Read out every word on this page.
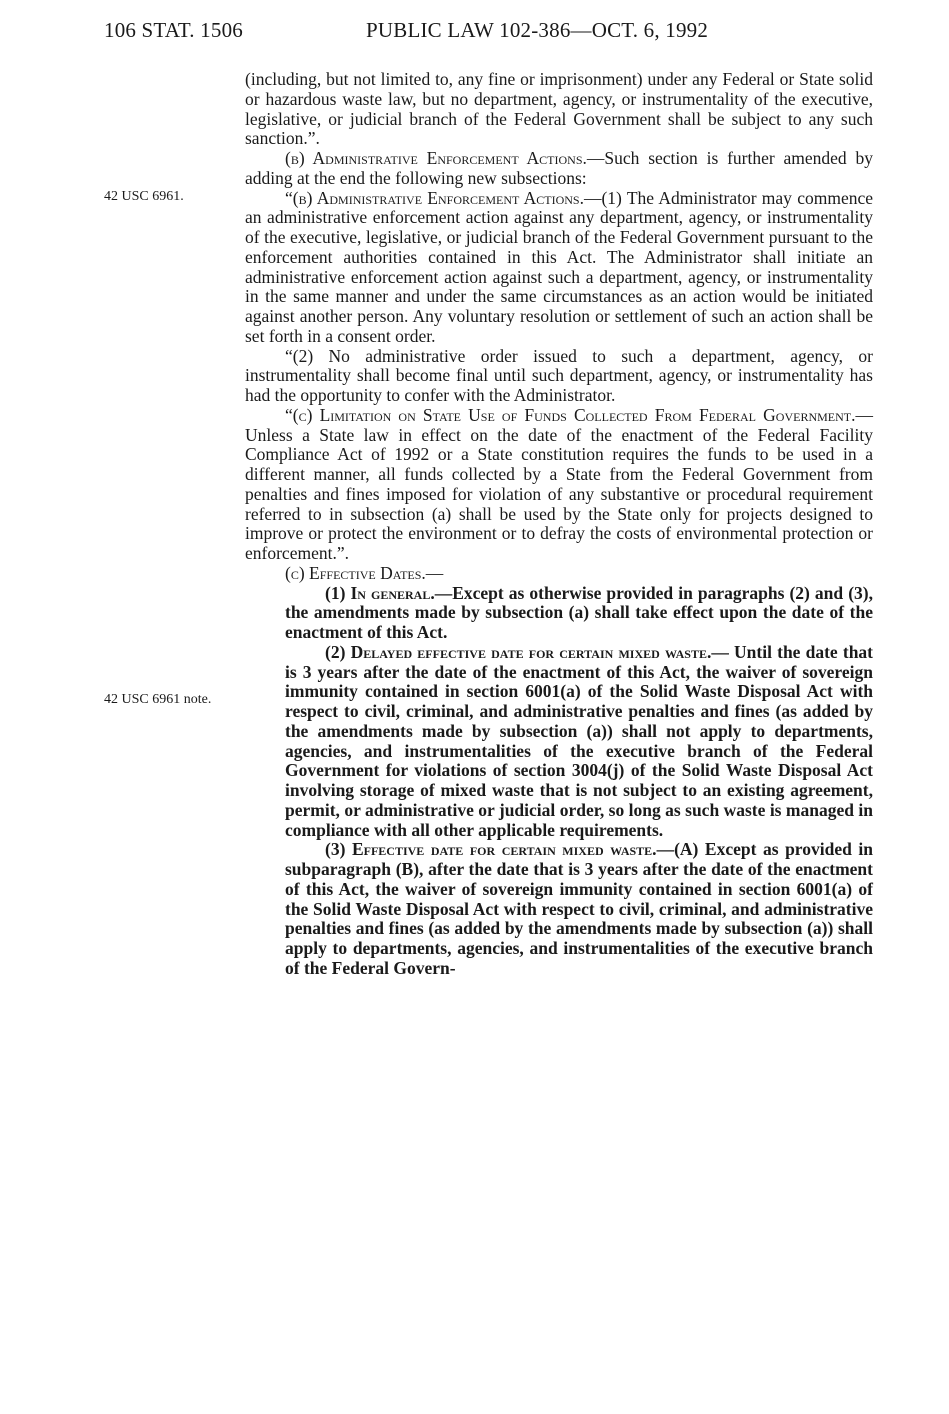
106 STAT. 1506	PUBLIC LAW 102-386—OCT. 6, 1992
42 USC 6961.
42 USC 6961 note.

(including, but not limited to, any fine or imprisonment) under any Federal or State solid or hazardous waste law, but no department, agency, or instrumentality of the executive, legislative, or judicial branch of the Federal Government shall be subject to any such sanction.”.

(b) Administrative Enforcement Actions.—Such section is further amended by adding at the end the following new subsections:

“(b) Administrative Enforcement Actions.—(1) The Administrator may commence an administrative enforcement action against any department, agency, or instrumentality of the executive, legislative, or judicial branch of the Federal Government pursuant to the enforcement authorities contained in this Act. The Administrator shall initiate an administrative enforcement action against such a department, agency, or instrumentality in the same manner and under the same circumstances as an action would be initiated against another person. Any voluntary resolution or settlement of such an action shall be set forth in a consent order.

“(2) No administrative order issued to such a department, agency, or instrumentality shall become final until such department, agency, or instrumentality has had the opportunity to confer with the Administrator.

“(c) Limitation on State Use of Funds Collected From Federal Government.—Unless a State law in effect on the date of the enactment of the Federal Facility Compliance Act of 1992 or a State constitution requires the funds to be used in a different manner, all funds collected by a State from the Federal Government from penalties and fines imposed for violation of any substantive or procedural requirement referred to in subsection (a) shall be used by the State only for projects designed to improve or protect the environment or to defray the costs of environmental protection or enforcement.”.

(c) Effective Dates.—

(1) In general.—Except as otherwise provided in paragraphs (2) and (3), the amendments made by subsection (a) shall take effect upon the date of the enactment of this Act.

(2) Delayed effective date for certain mixed waste.— Until the date that is 3 years after the date of the enactment of this Act, the waiver of sovereign immunity contained in section 6001(a) of the Solid Waste Disposal Act with respect to civil, criminal, and administrative penalties and fines (as added by the amendments made by subsection (a)) shall not apply to departments, agencies, and instrumentalities of the executive branch of the Federal Government for violations of section 3004(j) of the Solid Waste Disposal Act involving storage of mixed waste that is not subject to an existing agreement, permit, or administrative or judicial order, so long as such waste is managed in compliance with all other applicable requirements.

(3) Effective date for certain mixed waste.—(A) Except as provided in subparagraph (B), after the date that is 3 years after the date of the enactment of this Act, the waiver of sovereign immunity contained in section 6001(a) of the Solid Waste Disposal Act with respect to civil, criminal, and administrative penalties and fines (as added by the amendments made by subsection (a)) shall apply to departments, agencies, and instrumentalities of the executive branch of the Federal Govern-
